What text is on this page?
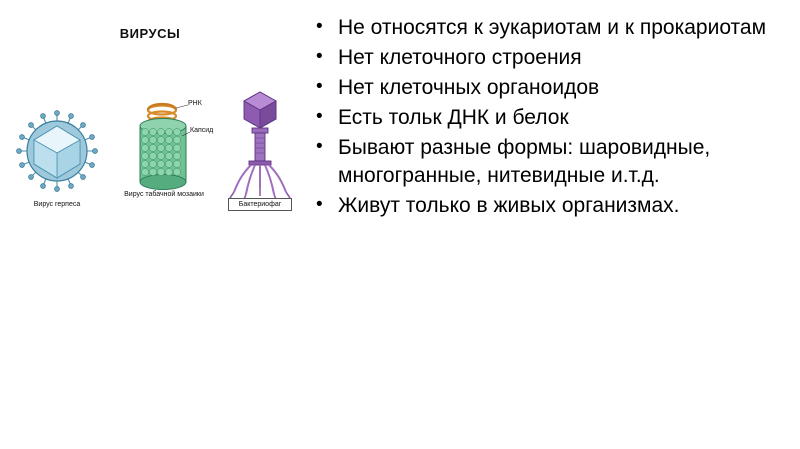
ВИРУСЫ
Вирус герпеса
РНК
Капсид
Вирус табачной мозаики
Бактериофаг
• Не относятся к эукариотам и к прокариотам
• Нет клеточного строения
• Нет клеточных органоидов
• Есть тольк ДНК и белок
• Бывают разные формы: шаровидные, многогранные, нитевидные и.т.д.
• Живут только в живых организмах.
